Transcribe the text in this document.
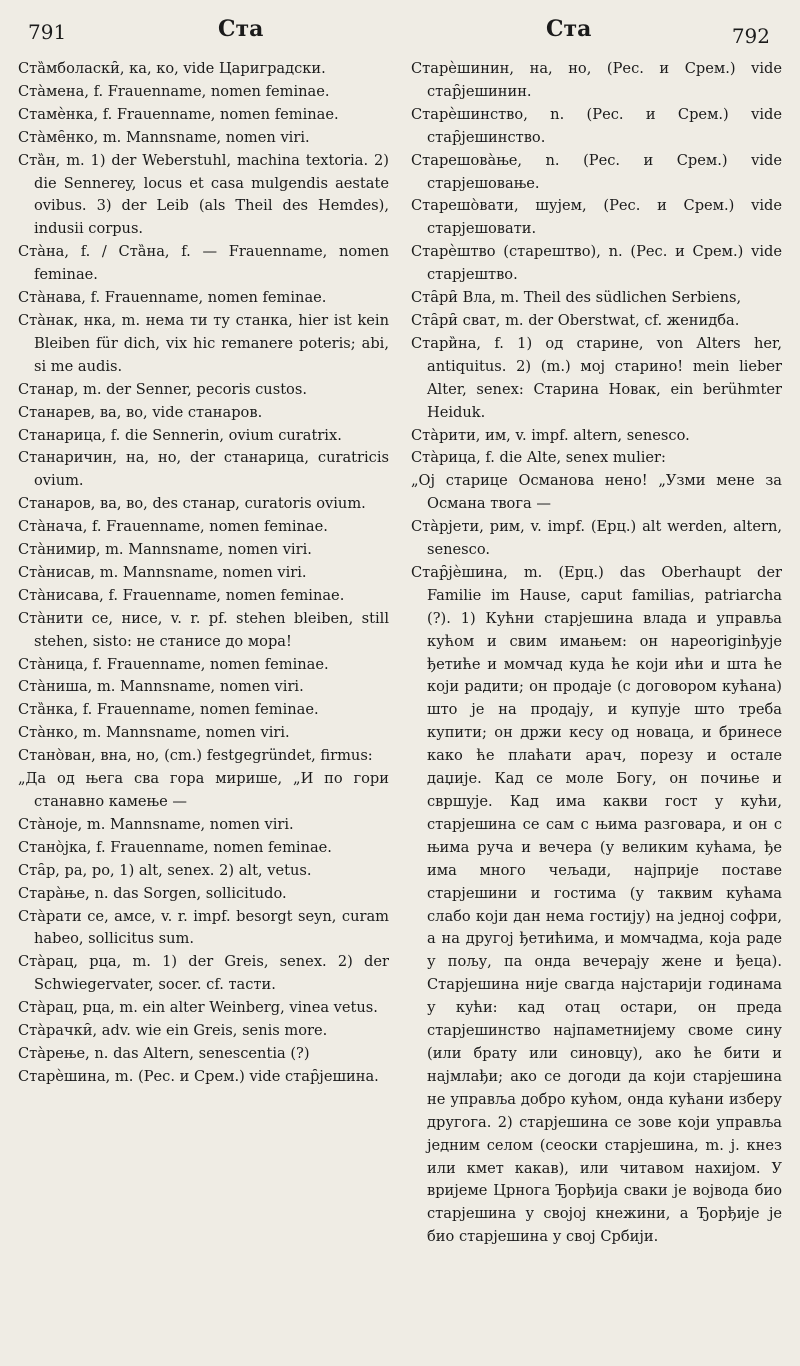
791	Ста	Ста	792

Ста̏мболаски̑, ка, ко, vide Цариградски.

Ста̀мена, f. Frauenname, nomen feminae.

Стамѐнка, f. Frauenname, nomen feminae.

Ста̀ме̑нко, m. Mannsname, nomen viri.

Ста̏н, m. 1) der Weberstuhl, machina textoria. 2) die Sennerey, locus et casa mulgendis aestate ovibus. 3) der Leib (als Theil des Hemdes), indusii corpus.

Ста̀на, f. / Ста̏на, f. — Frauenname, nomen feminae.

Ста̀нава, f. Frauenname, nomen feminae.

Ста̀нак, нка, m. нема ти ту станка, hier ist kein Bleiben für dich, vix hic remanere poteris; abi, si me audis.

Станар, m. der Senner, pecoris custos.

Станарев, ва, во, vide станаров.

Станарица, f. die Sennerin, ovium curatrix.

Станаричин, на, но, der станарица, curatricis ovium.

Станаров, ва, во, des станар, curatoris ovium.

Ста̀нача, f. Frauenname, nomen feminae.

Ста̀нимир, m. Mannsname, nomen viri.

Ста̀нисав, m. Mannsname, nomen viri.

Ста̀нисава, f. Frauenname, nomen feminae.

Ста̀нити се, нисе, v. r. pf. stehen bleiben, still stehen, sisto: не станисе до мора!

Ста̀ница, f. Frauenname, nomen feminae.

Ста̀ниша, m. Mannsname, nomen viri.

Ста̏нка, f. Frauenname, nomen feminae.

Ста̀нко, m. Mannsname, nomen viri.

Стано̀ван, вна, но, (cm.) festgegründet, firmus:

„Да од њега сва гора мирише, „И по гори станавно камење —

Ста̀ноје, m. Mannsname, nomen viri.

Стано̀јка, f. Frauenname, nomen feminae.

Ста̑р, ра, ро, 1) alt, senex. 2) alt, vetus.

Стара̀ње, n. das Sorgen, sollicitudo.

Ста̀рати се, амсе, v. r. impf. besorgt seyn, curam habeo, sollicitus sum.

Ста̀рац, рца, m. 1) der Greis, senex. 2) der Schwiegervater, socer. cf. тасти.

Ста̀рац, рца, m. ein alter Weinberg, vinea vetus.

Ста̀рачки̑, adv. wie ein Greis, senis more.

Ста̀рење, n. das Altern, senescentia (?)

Старѐшина, m. (Рес. и Срем.) vide стар̑јешина.

Старѐшинин, на, но, (Рес. и Срем.) vide стар̑јешинин.

Старѐшинство, n. (Рес. и Срем.) vide стар̑јешинство.

Старешова̀ње, n. (Рес. и Срем.) vide старјешовање.

Старешо̀вати, шујем, (Рес. и Срем.) vide старјешовати.

Старѐштво (старештво), n. (Рес. и Срем.) vide старјештво.

Ста̑ри̑ Вла, m. Theil des südlichen Serbiens,

Ста̑ри̑ сват, m. der Oberstwat, cf. женидба.

Стари̏на, f. 1) од старине, von Alters her, antiquitus. 2) (m.) мој старино! mein lieber Alter, senex: Старина Новак, ein berühmter Heiduk.

Ста̀рити, им, v. impf. altern, senesco.

Ста̀рица, f. die Alte, senex mulier:

„Ој старице Османова нено! „Узми мене за Османа твога —

Ста̀рјети, рим, v. impf. (Ерц.) alt werden, altern, senesco.

Стар̑јѐшина, m. (Ерц.) das Oberhaupt der Familie im Hause, caput familias, patriarcha (?). 1) Кућни старјешина влада и управља кућом и свим имањем: он нареoriginђује ђетиће и момчад куда ће који ићи и шта ће који радити; он продаје (с договором кућана) што је на продају, и купује што треба купити; он држи кесу од новаца, и бринесе како ће плаћати арач, порезу и остале даџије. Кад се моле Богу, он почиње и свршује. Кад има какви гост у кући, старјешина се сам с њима разговара, и он с њима руча и вечера (у великим кућама, ђе има много чељади, најприје поставе старјешини и гостима (у таквим кућама слабо који дан нема гостију) на једној софри, а на другој ђетићима, и момчадма, која раде у пољу, па онда вечерају жене и ђеца). Старјешина није свагда најстарији годинама у кући: кад отац остари, он преда старјешинство најпаметнијему своме сину (или брату или синовцу), ако ће бити и најмлађи; ако се догоди да који старјешина не управља добро кућом, онда кућани изберу другога. 2) старјешина се зове који управља једним селом (сеоски старјешина, m. j. кнез или кмет какав), или читавом нахијом. У вријеме Црнога Ђорђија сваки је војвода био старјешина у својој кнежини, а Ђорђије је био старјешина у свој Србији.
